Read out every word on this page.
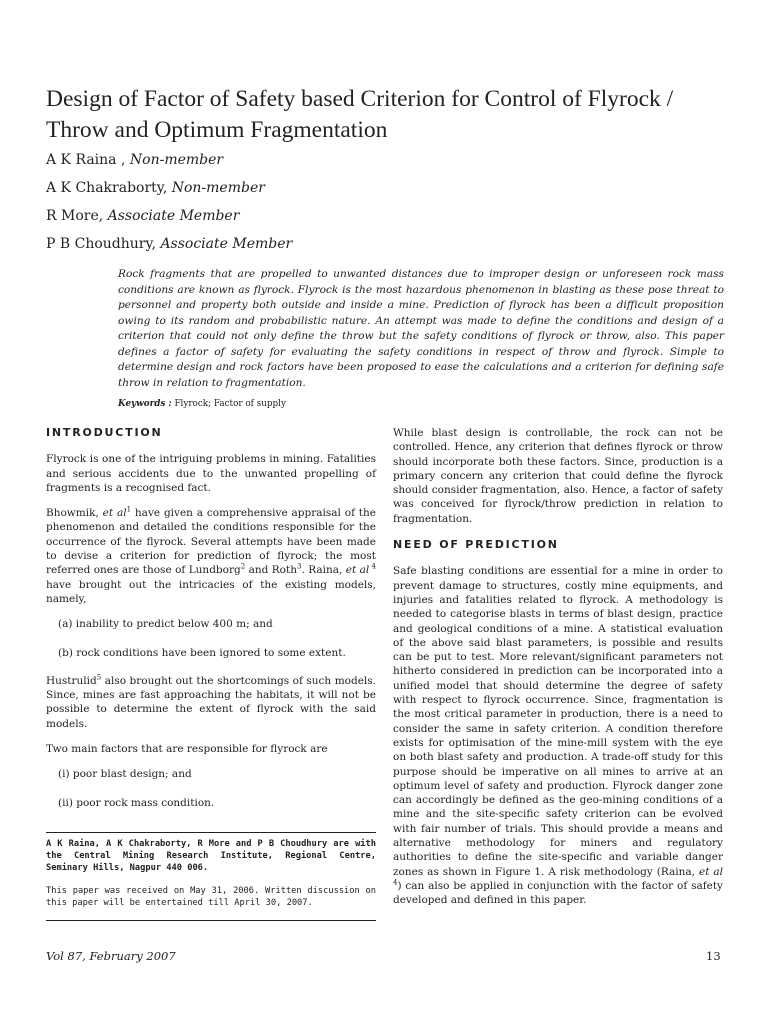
Design of Factor of Safety based Criterion for Control of Flyrock / Throw and Optimum Fragmentation
A K Raina , Non-member
A K Chakraborty, Non-member
R More, Associate Member
P B Choudhury, Associate Member

Rock fragments that are propelled to unwanted distances due to improper design or unforeseen rock mass conditions are known as flyrock. Flyrock is the most hazardous phenomenon in blasting as these pose threat to personnel and property both outside and inside a mine. Prediction of flyrock has been a difficult proposition owing to its random and probabilistic nature. An attempt was made to define the conditions and design of a criterion that could not only define the throw but the safety conditions of flyrock or throw, also. This paper defines a factor of safety for evaluating the safety conditions in respect of throw and flyrock. Simple to determine design and rock factors have been proposed to ease the calculations and a criterion for defining safe throw in relation to fragmentation.

Keywords : Flyrock; Factor of supply
INTRODUCTION

Flyrock is one of the intriguing problems in mining. Fatalities and serious accidents due to the unwanted propelling of fragments is a recognised fact.

Bhowmik, et $al^1$ have given a comprehensive appraisal of the phenomenon and detailed the conditions responsible for the occurrence of the flyrock. Several attempts have been made to devise a criterion for prediction of flyrock; the most referred ones are those of Lundborg$^2$ and Roth$^3$. Raina, et al $^4$ have brought out the intricacies of the existing models, namely,

(a) inability to predict below 400 m; and

(b) rock conditions have been ignored to some extent.

Hustrulid$^5$ also brought out the shortcomings of such models. Since, mines are fast approaching the habitats, it will not be possible to determine the extent of flyrock with the said models.

Two main factors that are responsible for flyrock are

(i) poor blast design; and

(ii) poor rock mass condition.

A K Raina, A K Chakraborty, R More and P B Choudhury are with the Central Mining Research Institute, Regional Centre, Seminary Hills, Nagpur 440 006.

This paper was received on May 31, 2006. Written discussion on this paper will be entertained till April 30, 2007.

While blast design is controllable, the rock can not be controlled. Hence, any criterion that defines flyrock or throw should incorporate both these factors. Since, production is a primary concern any criterion that could define the flyrock should consider fragmentation, also. Hence, a factor of safety was conceived for flyrock/throw prediction in relation to fragmentation.

NEED OF PREDICTION

Safe blasting conditions are essential for a mine in order to prevent damage to structures, costly mine equipments, and injuries and fatalities related to flyrock. A methodology is needed to categorise blasts in terms of blast design, practice and geological conditions of a mine. A statistical evaluation of the above said blast parameters, is possible and results can be put to test. More relevant/significant parameters not hitherto considered in prediction can be incorporated into a unified model that should determine the degree of safety with respect to flyrock occurrence. Since, fragmentation is the most critical parameter in production, there is a need to consider the same in safety criterion. A condition therefore exists for optimisation of the mine-mill system with the eye on both blast safety and production. A trade-off study for this purpose should be imperative on all mines to arrive at an optimum level of safety and production. Flyrock danger zone can accordingly be defined as the geo-mining conditions of a mine and the site-specific safety criterion can be evolved with fair number of trials. This should provide a means and alternative methodology for miners and regulatory authorities to define the site-specific and variable danger zones as shown in Figure 1. A risk methodology (Raina, et al $^4$) can also be applied in conjunction with the factor of safety developed and defined in this paper.

Vol 87, February 2007	13
